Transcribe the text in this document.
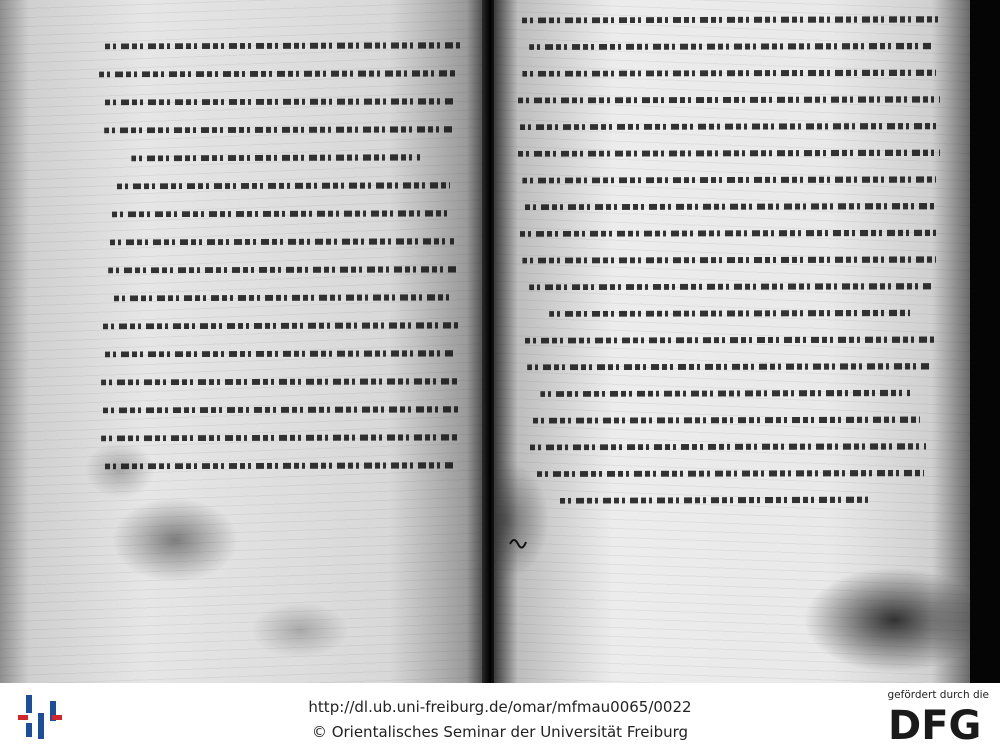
http://dl.ub.uni-freiburg.de/omar/mfmau0065/0022
© Orientalisches Seminar der Universität Freiburg
gefördert durch die
DFG
